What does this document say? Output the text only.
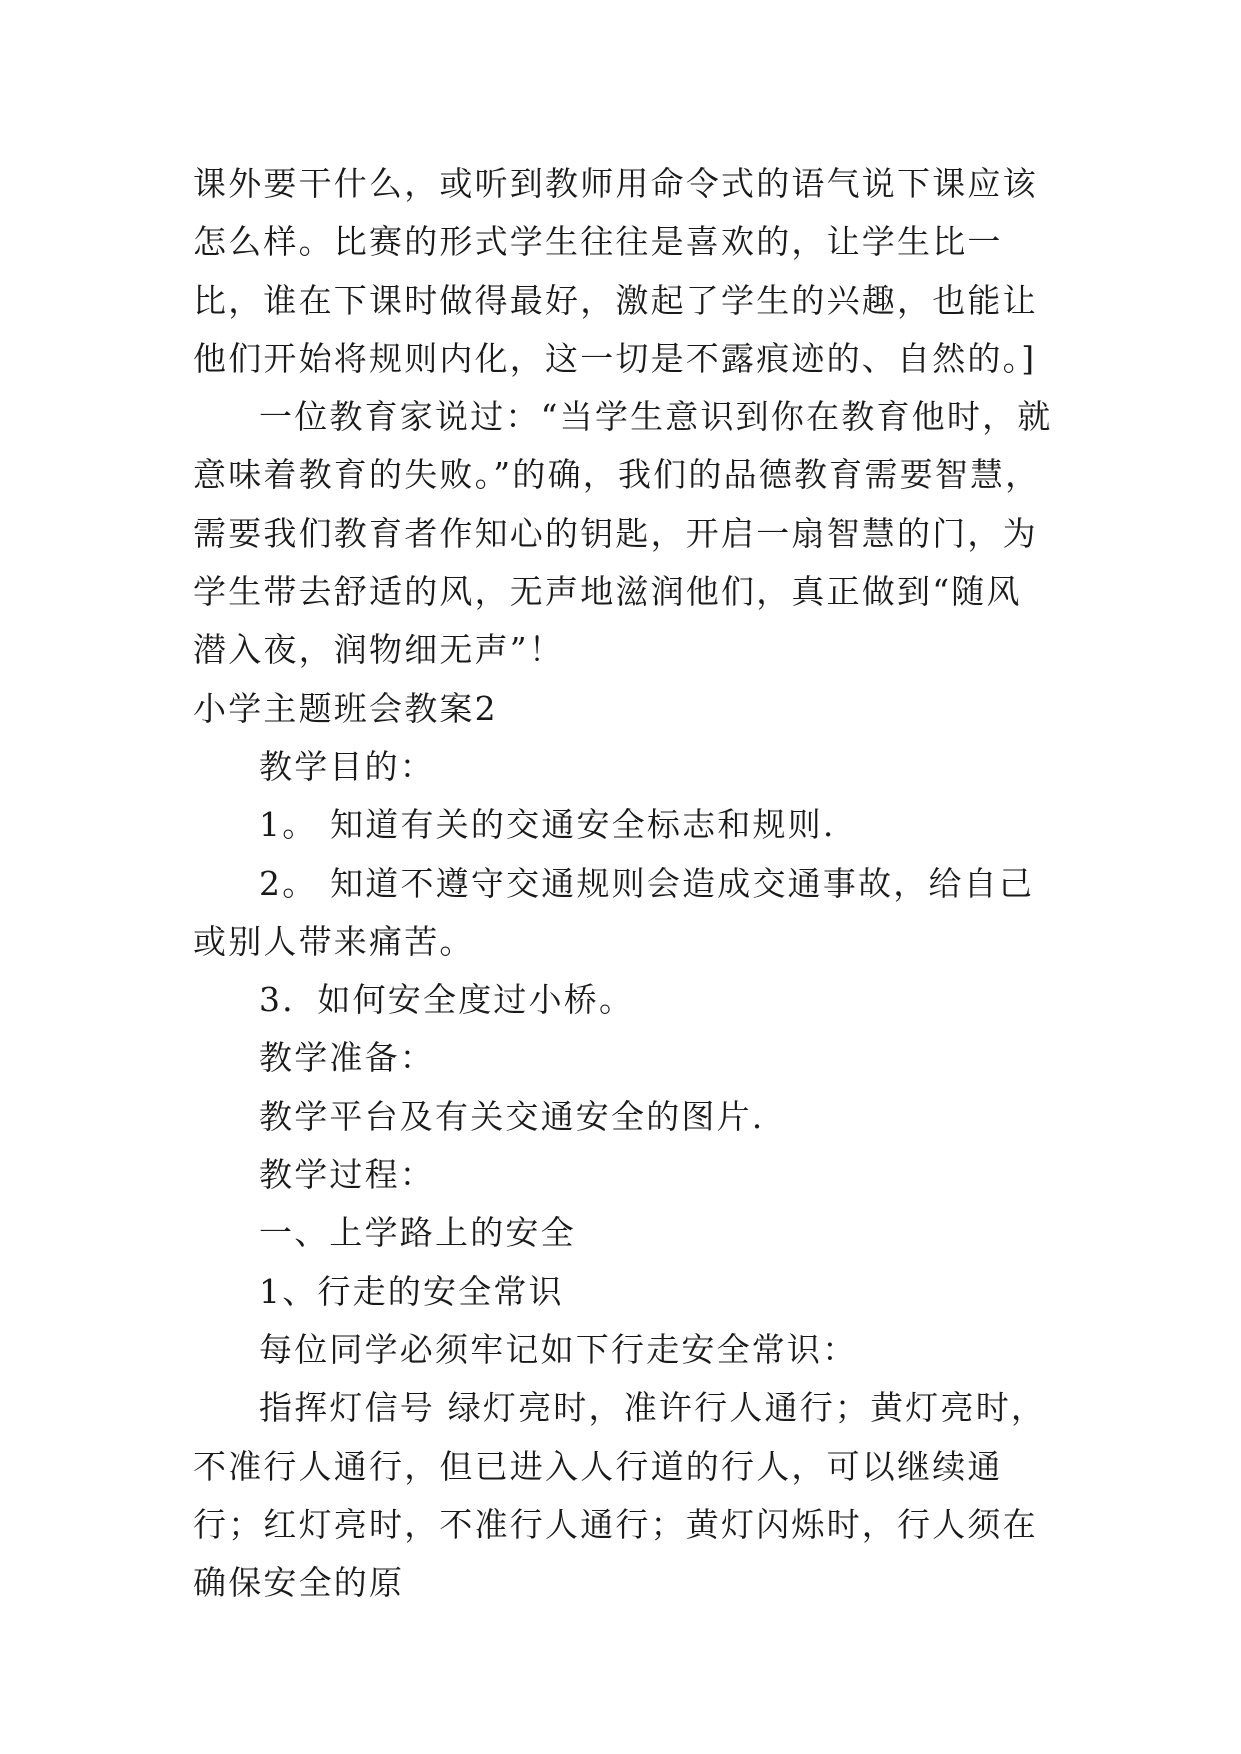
课外要干什么，或听到教师用命令式的语气说下课应该怎么样。比赛的形式学生往往是喜欢的，让学生比一比，谁在下课时做得最好，激起了学生的兴趣，也能让他们开始将规则内化，这一切是不露痕迹的、自然的。]

一位教育家说过：“当学生意识到你在教育他时，就意味着教育的失败。”的确，我们的品德教育需要智慧，需要我们教育者作知心的钥匙，开启一扇智慧的门，为学生带去舒适的风，无声地滋润他们，真正做到“随风潜入夜，润物细无声”！

小学主题班会教案2

教学目的：

1。 知道有关的交通安全标志和规则.

2。 知道不遵守交通规则会造成交通事故，给自己或别人带来痛苦。

3．如何安全度过小桥。

教学准备：

教学平台及有关交通安全的图片.

教学过程：

一、上学路上的安全

1、行走的安全常识

每位同学必须牢记如下行走安全常识：

指挥灯信号 绿灯亮时，准许行人通行；黄灯亮时，不准行人通行，但已进入人行道的行人，可以继续通行；红灯亮时，不准行人通行；黄灯闪烁时，行人须在确保安全的原
